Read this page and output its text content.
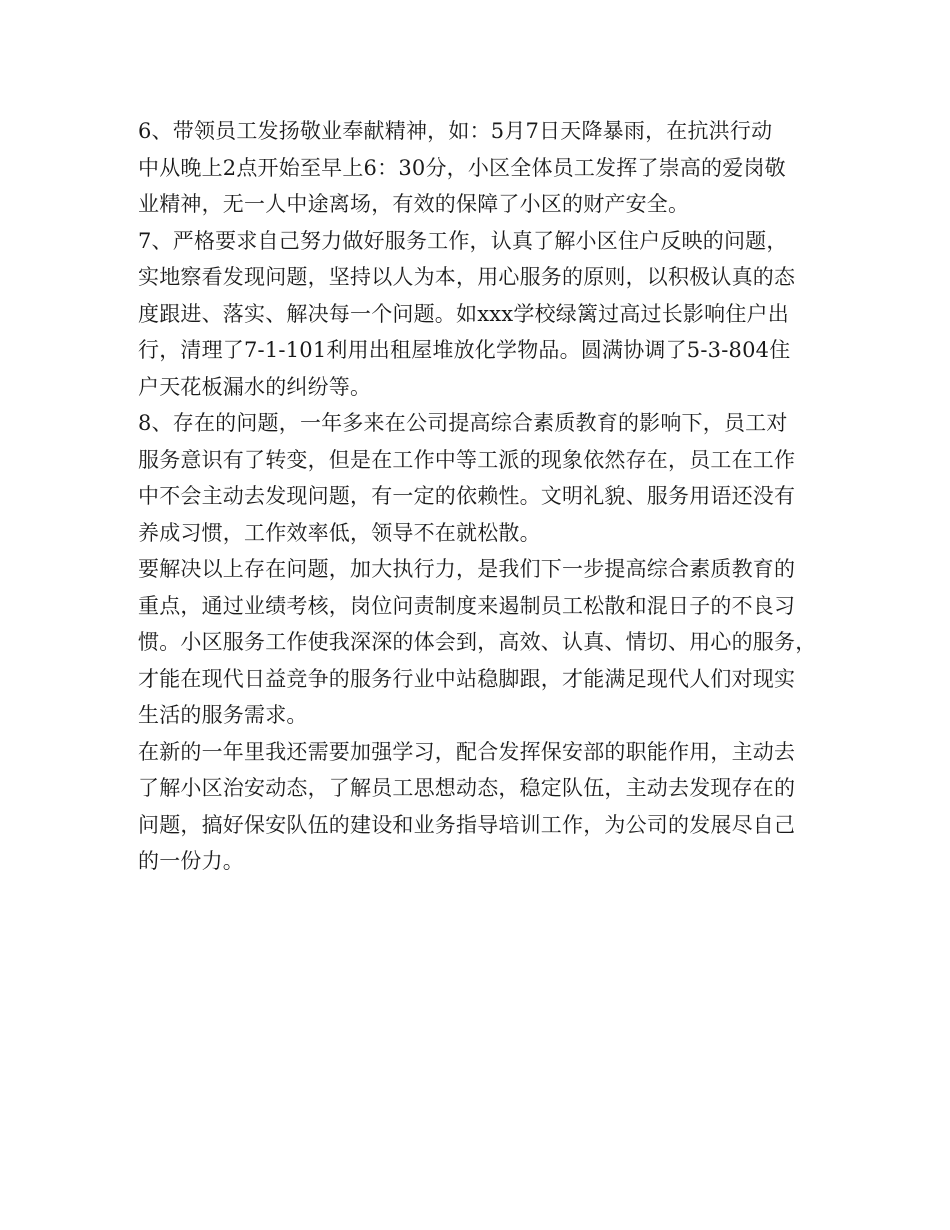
6、带领员工发扬敬业奉献精神，如：5月7日天降暴雨，在抗洪行动
中从晚上2点开始至早上6：30分，小区全体员工发挥了崇高的爱岗敬
业精神，无一人中途离场，有效的保障了小区的财产安全。
7、严格要求自己努力做好服务工作，认真了解小区住户反映的问题，
实地察看发现问题，坚持以人为本，用心服务的原则，以积极认真的态
度跟进、落实、解决每一个问题。如xxx学校绿篱过高过长影响住户出
行，清理了7-1-101利用出租屋堆放化学物品。圆满协调了5-3-804住
户天花板漏水的纠纷等。
8、存在的问题，一年多来在公司提高综合素质教育的影响下，员工对
服务意识有了转变，但是在工作中等工派的现象依然存在，员工在工作
中不会主动去发现问题，有一定的依赖性。文明礼貌、服务用语还没有
养成习惯，工作效率低，领导不在就松散。
要解决以上存在问题，加大执行力，是我们下一步提高综合素质教育的
重点，通过业绩考核，岗位问责制度来遏制员工松散和混日子的不良习
惯。小区服务工作使我深深的体会到，高效、认真、情切、用心的服务，
才能在现代日益竞争的服务行业中站稳脚跟，才能满足现代人们对现实
生活的服务需求。
在新的一年里我还需要加强学习，配合发挥保安部的职能作用，主动去
了解小区治安动态，了解员工思想动态，稳定队伍，主动去发现存在的
问题，搞好保安队伍的建设和业务指导培训工作，为公司的发展尽自己
的一份力。
